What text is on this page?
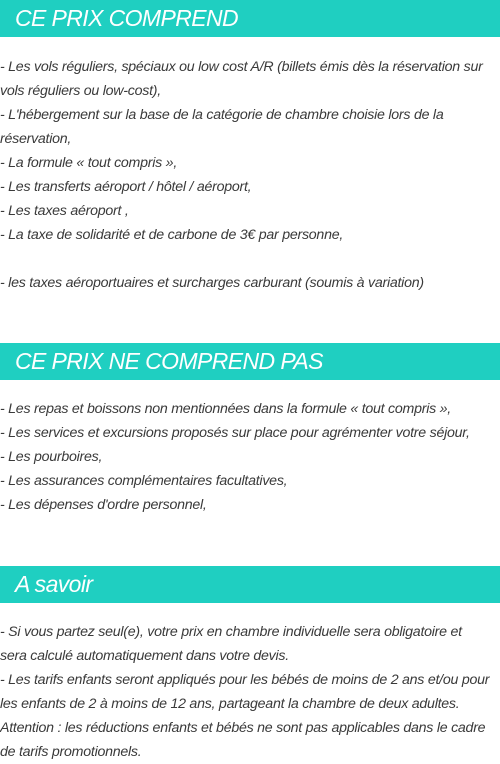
CE PRIX COMPREND
- Les vols réguliers, spéciaux ou low cost A/R (billets émis dès la réservation sur
vols réguliers ou low-cost),
- L'hébergement sur la base de la catégorie de chambre choisie lors de la
réservation,
- La formule « tout compris »,
- Les transferts aéroport / hôtel / aéroport,
- Les taxes aéroport ,
- La taxe de solidarité et de carbone de 3€ par personne,
- les taxes aéroportuaires et surcharges carburant (soumis à variation)
CE PRIX NE COMPREND PAS
- Les repas et boissons non mentionnées dans la formule « tout compris »,
- Les services et excursions proposés sur place pour agrémenter votre séjour,
- Les pourboires,
- Les assurances complémentaires facultatives,
- Les dépenses d'ordre personnel,
A savoir
- Si vous partez seul(e), votre prix en chambre individuelle sera obligatoire et
sera calculé automatiquement dans votre devis.
- Les tarifs enfants seront appliqués pour les bébés de moins de 2 ans et/ou pour
les enfants de 2 à moins de 12 ans, partageant la chambre de deux adultes.
Attention : les réductions enfants et bébés ne sont pas applicables dans le cadre
de tarifs promotionnels.
